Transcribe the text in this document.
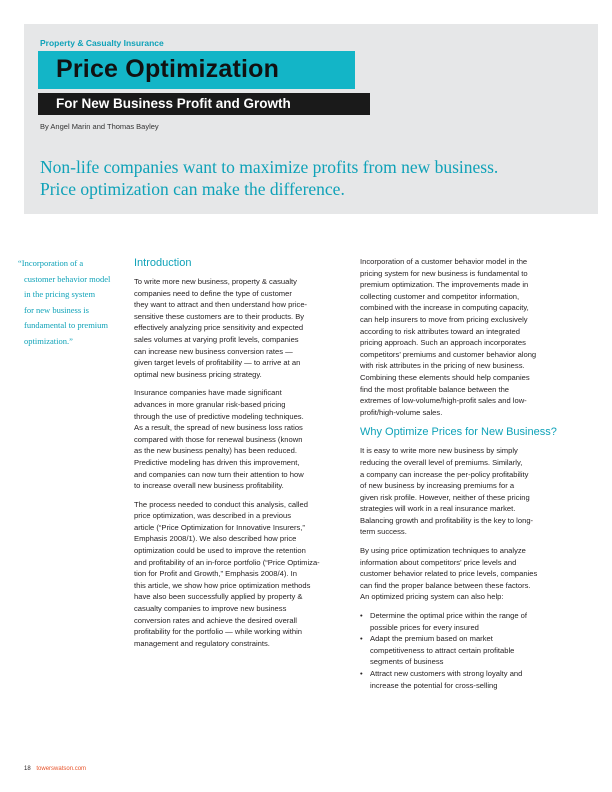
Property & Casualty Insurance
Price Optimization
For New Business Profit and Growth
By Angel Marin and Thomas Bayley
Non-life companies want to maximize profits from new business.
Price optimization can make the difference.
“Incorporation of a
customer behavior model
in the pricing system
for new business is
fundamental to premium
optimization.”
Introduction
To write more new business, property & casualty
companies need to define the type of customer
they want to attract and then understand how price-
sensitive these customers are to their products. By
effectively analyzing price sensitivity and expected
sales volumes at varying profit levels, companies
can increase new business conversion rates —
given target levels of profitability — to arrive at an
optimal new business pricing strategy.
Insurance companies have made significant
advances in more granular risk-based pricing
through the use of predictive modeling techniques.
As a result, the spread of new business loss ratios
compared with those for renewal business (known
as the new business penalty) has been reduced.
Predictive modeling has driven this improvement,
and companies can now turn their attention to how
to increase overall new business profitability.
The process needed to conduct this analysis, called
price optimization, was described in a previous
article (“Price Optimization for Innovative Insurers,”
Emphasis 2008/1). We also described how price
optimization could be used to improve the retention
and profitability of an in-force portfolio (“Price Optimiza-
tion for Profit and Growth,” Emphasis 2008/4). In
this article, we show how price optimization methods
have also been successfully applied by property &
casualty companies to improve new business
conversion rates and achieve the desired overall
profitability for the portfolio — while working within
management and regulatory constraints.
Incorporation of a customer behavior model in the
pricing system for new business is fundamental to
premium optimization. The improvements made in
collecting customer and competitor information,
combined with the increase in computing capacity,
can help insurers to move from pricing exclusively
according to risk attributes toward an integrated
pricing approach. Such an approach incorporates
competitors’ premiums and customer behavior along
with risk attributes in the pricing of new business.
Combining these elements should help companies
find the most profitable balance between the
extremes of low-volume/high-profit sales and low-
profit/high-volume sales.
Why Optimize Prices for New Business?
It is easy to write more new business by simply
reducing the overall level of premiums. Similarly,
a company can increase the per-policy profitability
of new business by increasing premiums for a
given risk profile. However, neither of these pricing
strategies will work in a real insurance market.
Balancing growth and profitability is the key to long-
term success.
By using price optimization techniques to analyze
information about competitors’ price levels and
customer behavior related to price levels, companies
can find the proper balance between these factors.
An optimized pricing system can also help:
• Determine the optimal price within the range of
possible prices for every insured
• Adapt the premium based on market
competitiveness to attract certain profitable
segments of business
• Attract new customers with strong loyalty and
increase the potential for cross-selling
18 towerswatson.com
